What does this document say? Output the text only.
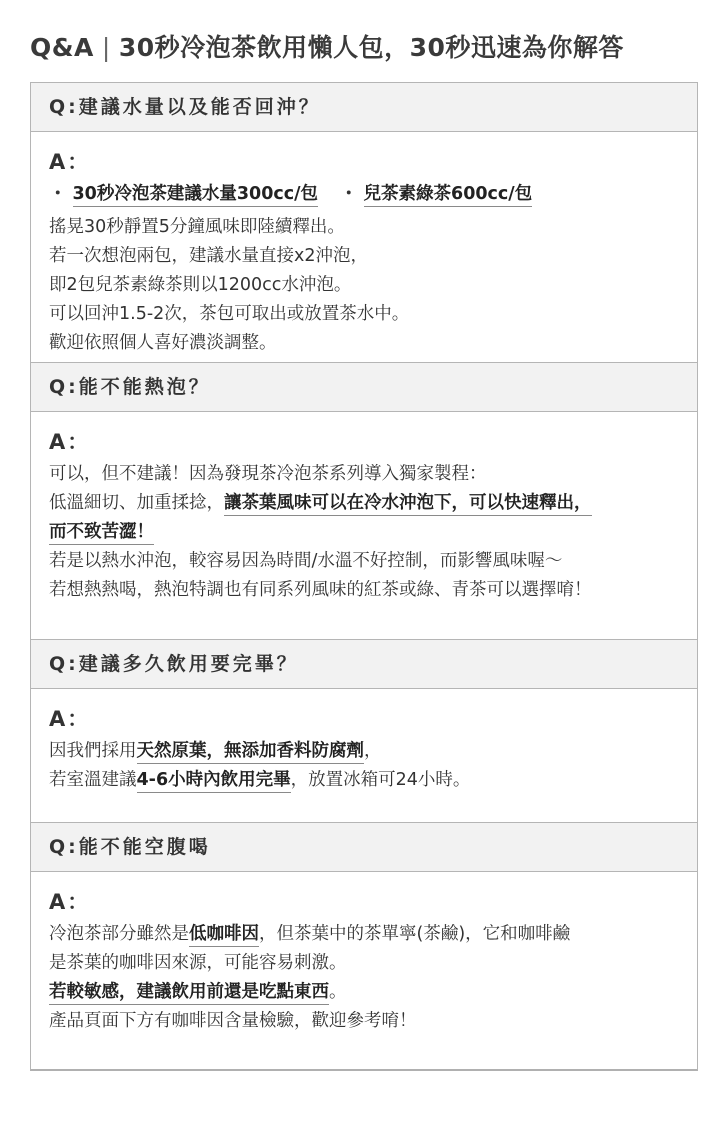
Q&A | 30秒冷泡茶飲用懶人包，30秒迅速為你解答
Q:建議水量以及能否回沖？
A：
・ 30秒冷泡茶建議水量300cc/包 ・ 兒茶素綠茶600cc/包
搖晃30秒靜置5分鐘風味即陸續釋出。
若一次想泡兩包，建議水量直接x2沖泡，
即2包兒茶素綠茶則以1200cc水沖泡。
可以回沖1.5-2次，茶包可取出或放置茶水中。
歡迎依照個人喜好濃淡調整。
Q:能不能熱泡？
A：
可以，但不建議！因為發現茶冷泡茶系列導入獨家製程：
低溫細切、加重揉捻，讓茶葉風味可以在冷水沖泡下，可以快速釋出，
而不致苦澀！
若是以熱水沖泡，較容易因為時間/水溫不好控制，而影響風味喔～
若想熱熱喝，熱泡特調也有同系列風味的紅茶或綠、青茶可以選擇唷！
Q:建議多久飲用要完畢？
A：
因我們採用天然原葉，無添加香料防腐劑，
若室溫建議4-6小時內飲用完畢，放置冰箱可24小時。
Q:能不能空腹喝
A：
冷泡茶部分雖然是低咖啡因，但茶葉中的茶單寧(茶鹼)，它和咖啡鹼
是茶葉的咖啡因來源，可能容易刺激。
若較敏感，建議飲用前還是吃點東西。
產品頁面下方有咖啡因含量檢驗，歡迎參考唷！
